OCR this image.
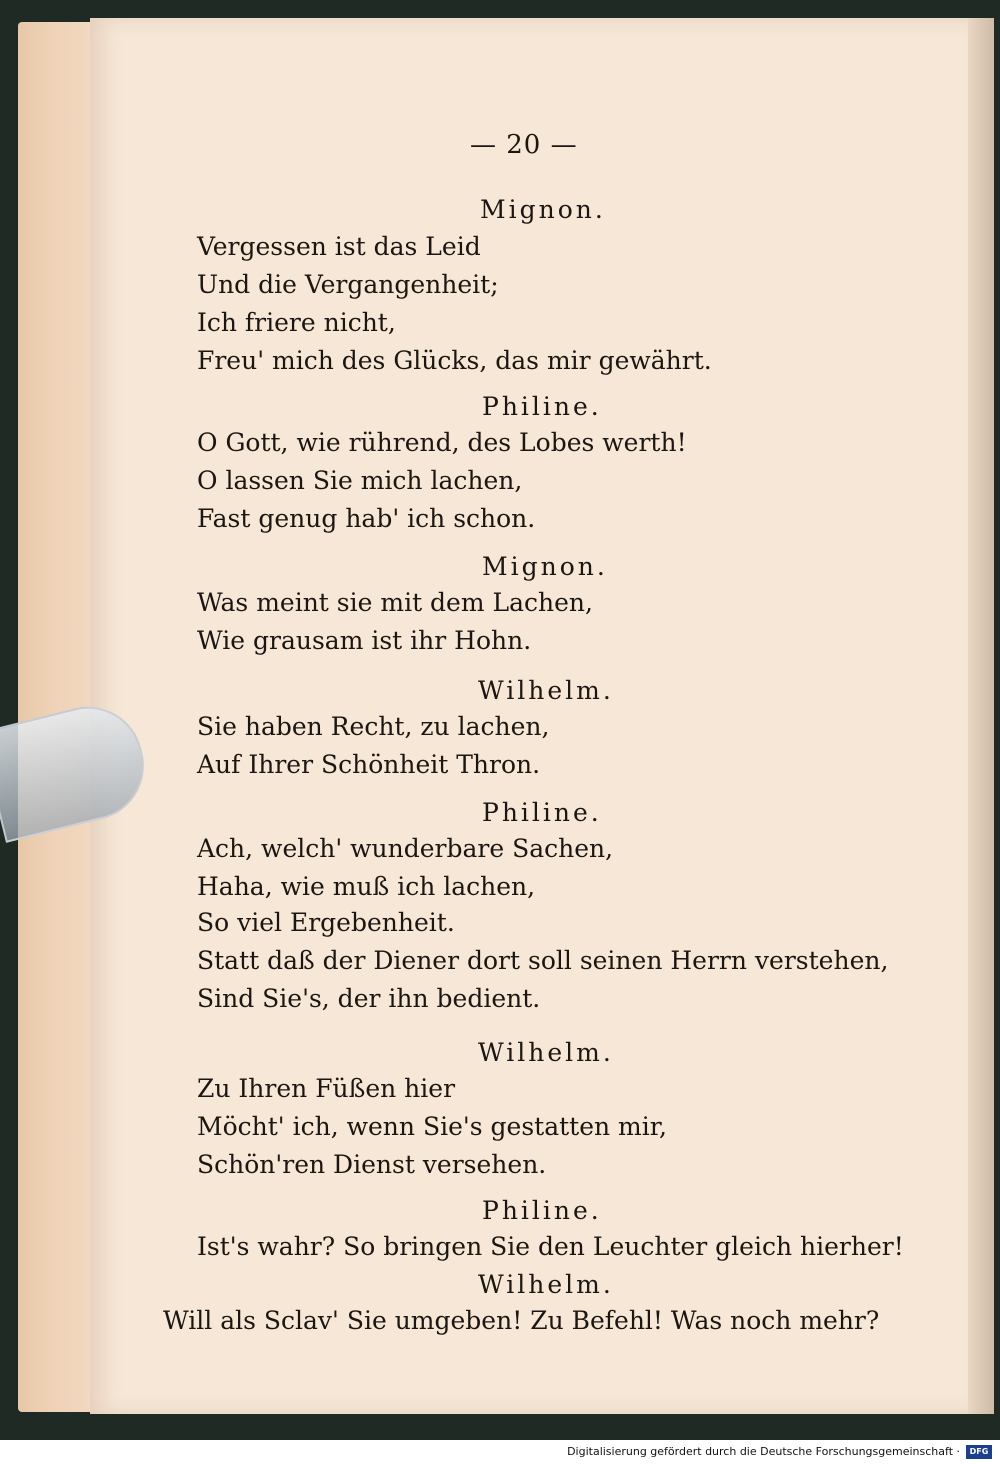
— 20 —
Mignon.
Vergessen ist das Leid
Und die Vergangenheit;
Ich friere nicht,
Freu' mich des Glücks, das mir gewährt.
Philine.
O Gott, wie rührend, des Lobes werth!
O lassen Sie mich lachen,
Fast genug hab' ich schon.
Mignon.
Was meint sie mit dem Lachen,
Wie grausam ist ihr Hohn.
Wilhelm.
Sie haben Recht, zu lachen,
Auf Ihrer Schönheit Thron.
Philine.
Ach, welch' wunderbare Sachen,
Haha, wie muß ich lachen,
So viel Ergebenheit.
Statt daß der Diener dort soll seinen Herrn verstehen,
Sind Sie's, der ihn bedient.
Wilhelm.
Zu Ihren Füßen hier
Möcht' ich, wenn Sie's gestatten mir,
Schön'ren Dienst versehen.
Philine.
Ist's wahr? So bringen Sie den Leuchter gleich hierher!
Wilhelm.
Will als Sclav' Sie umgeben! Zu Befehl! Was noch mehr?
Digitalisierung gefördert durch die Deutsche Forschungsgemeinschaft ·	DFG
